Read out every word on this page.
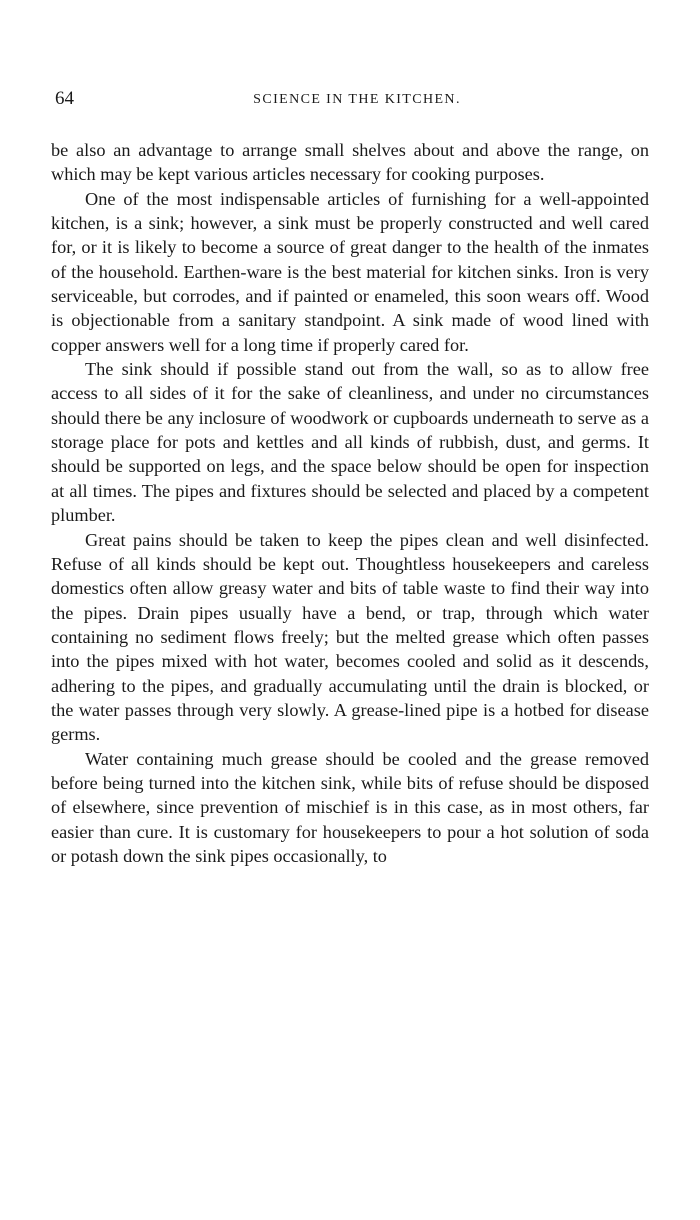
64	SCIENCE IN THE KITCHEN.

be also an advantage to arrange small shelves about and above the range, on which may be kept various articles necessary for cooking purposes.

One of the most indispensable articles of furnishing for a well-appointed kitchen, is a sink; however, a sink must be properly constructed and well cared for, or it is likely to become a source of great danger to the health of the inmates of the household. Earthen-ware is the best material for kitchen sinks. Iron is very serviceable, but corrodes, and if painted or enameled, this soon wears off. Wood is objectionable from a sanitary standpoint. A sink made of wood lined with copper answers well for a long time if properly cared for.

The sink should if possible stand out from the wall, so as to allow free access to all sides of it for the sake of cleanliness, and under no circumstances should there be any inclosure of woodwork or cupboards underneath to serve as a storage place for pots and kettles and all kinds of rubbish, dust, and germs. It should be supported on legs, and the space below should be open for inspection at all times. The pipes and fixtures should be selected and placed by a competent plumber.

Great pains should be taken to keep the pipes clean and well disinfected. Refuse of all kinds should be kept out. Thoughtless housekeepers and careless domestics often allow greasy water and bits of table waste to find their way into the pipes. Drain pipes usually have a bend, or trap, through which water containing no sediment flows freely; but the melted grease which often passes into the pipes mixed with hot water, becomes cooled and solid as it descends, adhering to the pipes, and gradually accumulating until the drain is blocked, or the water passes through very slowly. A grease-lined pipe is a hotbed for disease germs.

Water containing much grease should be cooled and the grease removed before being turned into the kitchen sink, while bits of refuse should be disposed of elsewhere, since prevention of mischief is in this case, as in most others, far easier than cure. It is customary for housekeepers to pour a hot solution of soda or potash down the sink pipes occasionally, to
